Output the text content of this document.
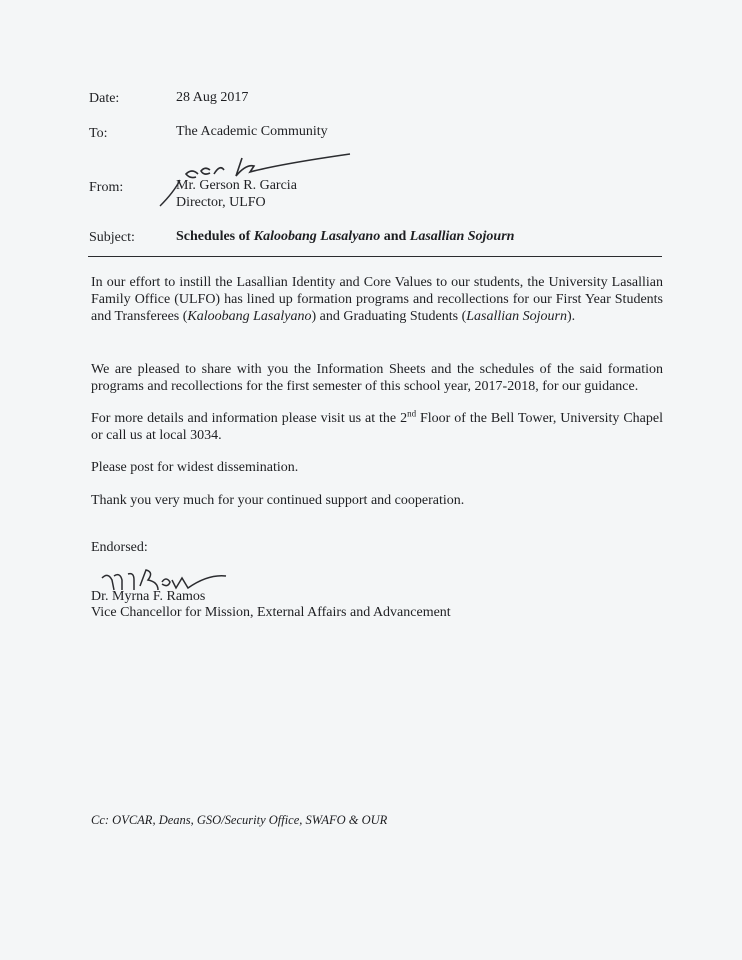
Date:	28 Aug 2017
To:	The Academic Community
From:	Mr. Gerson R. Garcia
Director, ULFO
Subject:	Schedules of Kaloobang Lasalyano and Lasallian Sojourn

In our effort to instill the Lasallian Identity and Core Values to our students, the University Lasallian Family Office (ULFO) has lined up formation programs and recollections for our First Year Students and Transferees (Kaloobang Lasalyano) and Graduating Students (Lasallian Sojourn).

We are pleased to share with you the Information Sheets and the schedules of the said formation programs and recollections for the first semester of this school year, 2017-2018, for our guidance.

For more details and information please visit us at the 2nd Floor of the Bell Tower, University Chapel or call us at local 3034.

Please post for widest dissemination.
Thank you very much for your continued support and cooperation.
Endorsed:
Dr. Myrna F. Ramos
Vice Chancellor for Mission, External Affairs and Advancement
Cc: OVCAR, Deans, GSO/Security Office, SWAFO & OUR
